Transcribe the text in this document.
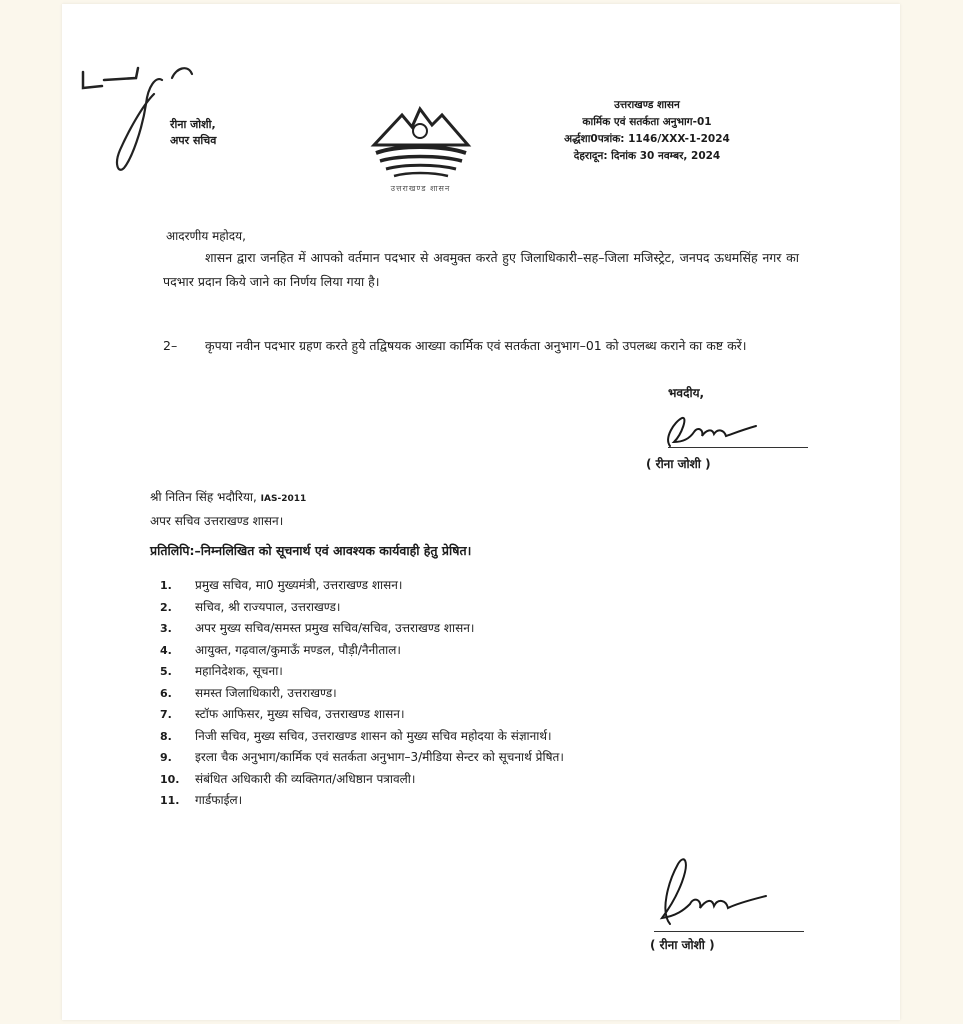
रीना जोशी,
अपर सचिव
उत्तराखण्ड शासन
उत्तराखण्ड शासन
कार्मिक एवं सतर्कता अनुभाग-01
अर्द्धशा0पत्रांक: 1146/XXX-1-2024
देहरादून: दिनांक 30 नवम्बर, 2024
आदरणीय महोदय,
शासन द्वारा जनहित में आपको वर्तमान पदभार से अवमुक्त करते हुए जिलाधिकारी–सह–जिला मजिस्ट्रेट, जनपद ऊधमसिंह नगर का पदभार प्रदान किये जाने का निर्णय लिया गया है।
2– कृपया नवीन पदभार ग्रहण करते हुये तद्विषयक आख्या कार्मिक एवं सतर्कता अनुभाग–01 को उपलब्ध कराने का कष्ट करें।
भवदीय,
( रीना जोशी )
श्री नितिन सिंह भदौरिया, IAS-2011
अपर सचिव उत्तराखण्ड शासन।
प्रतिलिपि:–निम्नलिखित को सूचनार्थ एवं आवश्यक कार्यवाही हेतु प्रेषित।
1.	प्रमुख सचिव, मा0 मुख्यमंत्री, उत्तराखण्ड शासन।
2.	सचिव, श्री राज्यपाल, उत्तराखण्ड।
3.	अपर मुख्य सचिव/समस्त प्रमुख सचिव/सचिव, उत्तराखण्ड शासन।
4.	आयुक्त, गढ़वाल/कुमाऊँ मण्डल, पौड़ी/नैनीताल।
5.	महानिदेशक, सूचना।
6.	समस्त जिलाधिकारी, उत्तराखण्ड।
7.	स्टॉफ आफिसर, मुख्य सचिव, उत्तराखण्ड शासन।
8.	निजी सचिव, मुख्य सचिव, उत्तराखण्ड शासन को मुख्य सचिव महोदया के संज्ञानार्थ।
9.	इरला चैक अनुभाग/कार्मिक एवं सतर्कता अनुभाग–3/मीडिया सेन्टर को सूचनार्थ प्रेषित।
10.	संबंधित अधिकारी की व्यक्तिगत/अधिष्ठान पत्रावली।
11.	गार्डफाईल।
( रीना जोशी )
